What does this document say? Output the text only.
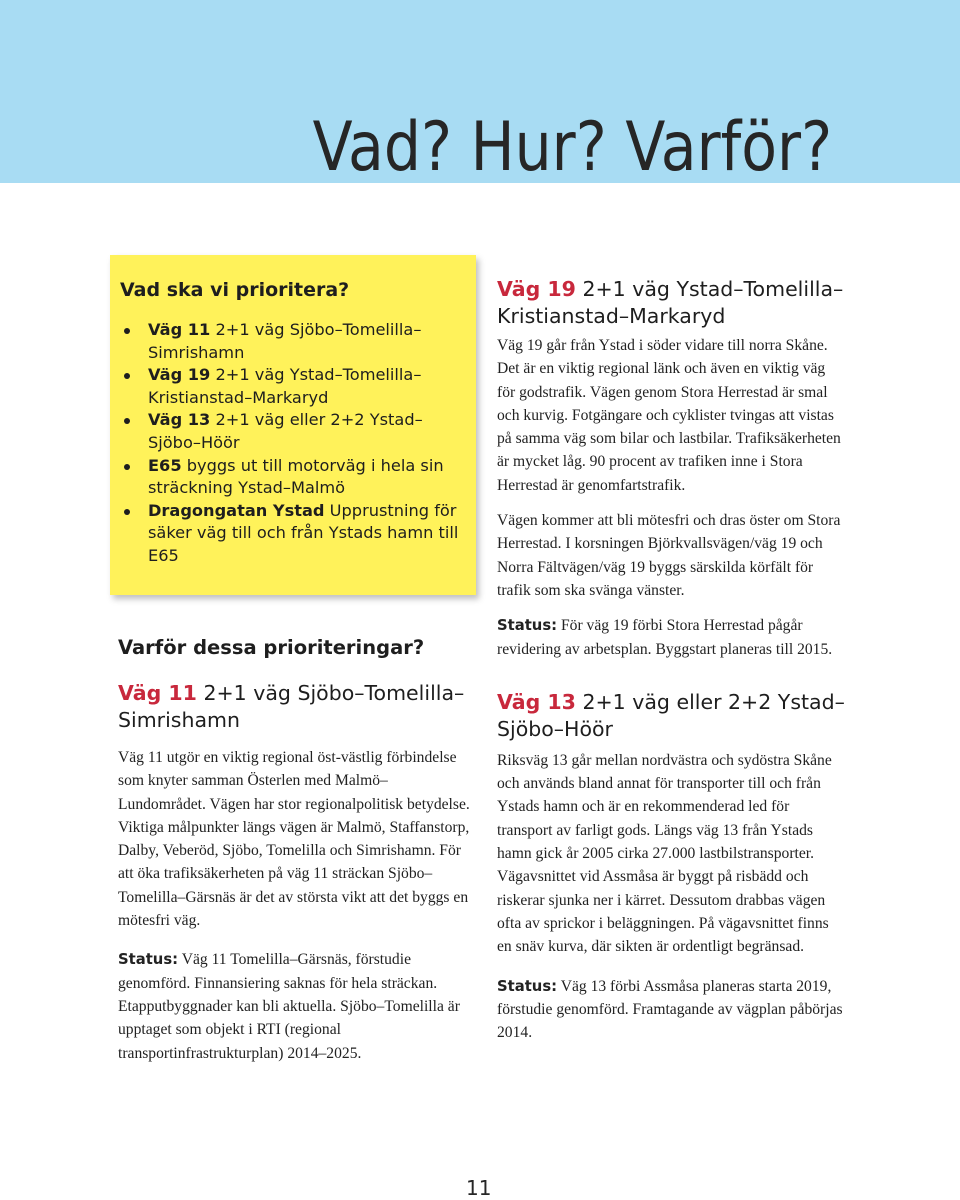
Vad? Hur? Varför?
Vad ska vi prioritera?
Väg 11 2+1 väg Sjöbo–Tomelilla–Simrishamn
Väg 19 2+1 väg Ystad–Tomelilla–Kristianstad–Markaryd
Väg 13 2+1 väg eller 2+2 Ystad–Sjöbo–Höör
E65 byggs ut till motorväg i hela sin sträckning Ystad–Malmö
Dragongatan Ystad Upprustning för säker väg till och från Ystads hamn till E65
Varför dessa prioriteringar?
Väg 11 2+1 väg Sjöbo–Tomelilla–Simrishamn

Väg 11 utgör en viktig regional öst-västlig förbindelse som knyter samman Österlen med Malmö–Lundområdet. Vägen har stor regionalpolitisk betydelse. Viktiga målpunkter längs vägen är Malmö, Staffanstorp, Dalby, Veberöd, Sjöbo, Tomelilla och Simrishamn. För att öka trafiksäkerheten på väg 11 sträckan Sjöbo–Tomelilla–Gärsnäs är det av största vikt att det byggs en mötesfri väg.

Status: Väg 11 Tomelilla–Gärsnäs, förstudie genomförd. Finnansiering saknas för hela sträckan. Etapputbyggnader kan bli aktuella. Sjöbo–Tomelilla är upptaget som objekt i RTI (regional transportinfrastrukturplan) 2014–2025.

Väg 19 2+1 väg Ystad–Tomelilla–Kristianstad–Markaryd

Väg 19 går från Ystad i söder vidare till norra Skåne. Det är en viktig regional länk och även en viktig väg för godstrafik. Vägen genom Stora Herrestad är smal och kurvig. Fotgängare och cyklister tvingas att vistas på samma väg som bilar och lastbilar. Trafiksäkerheten är mycket låg. 90 procent av trafiken inne i Stora Herrestad är genomfartstrafik.

Vägen kommer att bli mötesfri och dras öster om Stora Herrestad. I korsningen Björkvallsvägen/väg 19 och Norra Fältvägen/väg 19 byggs särskilda körfält för trafik som ska svänga vänster.

Status: För väg 19 förbi Stora Herrestad pågår revidering av arbetsplan. Byggstart planeras till 2015.

Väg 13 2+1 väg eller 2+2 Ystad–Sjöbo–Höör

Riksväg 13 går mellan nordvästra och sydöstra Skåne och används bland annat för transporter till och från Ystads hamn och är en rekommenderad led för transport av farligt gods. Längs väg 13 från Ystads hamn gick år 2005 cirka 27.000 lastbilstransporter. Vägavsnittet vid Assmåsa är byggt på risbädd och riskerar sjunka ner i kärret. Dessutom drabbas vägen ofta av sprickor i beläggningen. På vägavsnittet finns en snäv kurva, där sikten är ordentligt begränsad.

Status: Väg 13 förbi Assmåsa planeras starta 2019, förstudie genomförd. Framtagande av vägplan påbörjas 2014.

11
